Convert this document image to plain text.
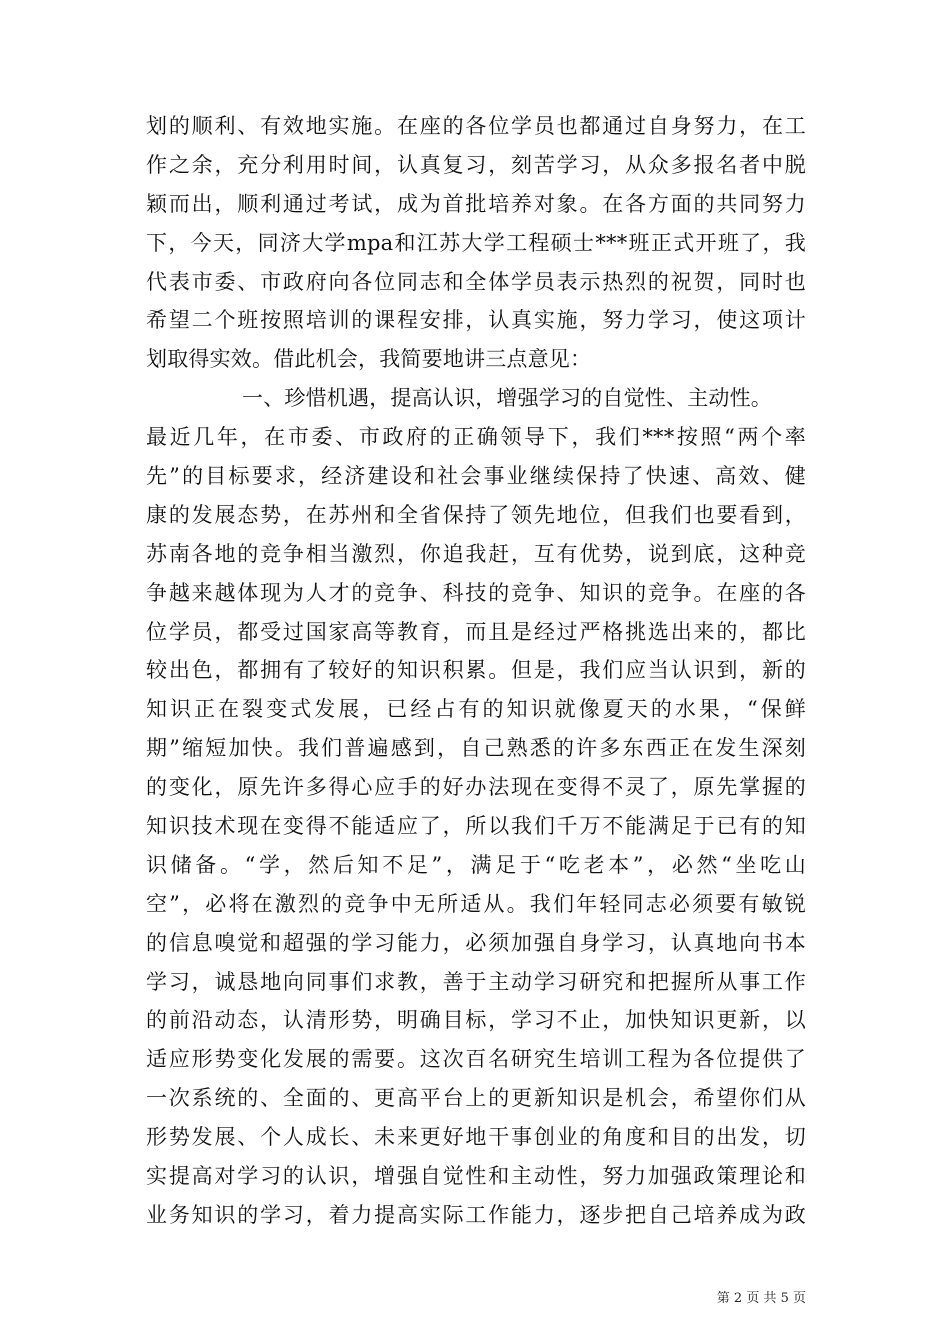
划的顺利、有效地实施。在座的各位学员也都通过自身努力，在工
作之余，充分利用时间，认真复习，刻苦学习，从众多报名者中脱
颖而出，顺利通过考试，成为首批培养对象。在各方面的共同努力
下，今天，同济大学mpa和江苏大学工程硕士***班正式开班了，我
代表市委、市政府向各位同志和全体学员表示热烈的祝贺，同时也
希望二个班按照培训的课程安排，认真实施，努力学习，使这项计
划取得实效。借此机会，我简要地讲三点意见：
一、珍惜机遇，提高认识，增强学习的自觉性、主动性。
最近几年，在市委、市政府的正确领导下，我们***按照“两个率
先”的目标要求，经济建设和社会事业继续保持了快速、高效、健
康的发展态势，在苏州和全省保持了领先地位，但我们也要看到，
苏南各地的竞争相当激烈，你追我赶，互有优势，说到底，这种竞
争越来越体现为人才的竞争、科技的竞争、知识的竞争。在座的各
位学员，都受过国家高等教育，而且是经过严格挑选出来的，都比
较出色，都拥有了较好的知识积累。但是，我们应当认识到，新的
知识正在裂变式发展，已经占有的知识就像夏天的水果，“保鲜
期”缩短加快。我们普遍感到，自己熟悉的许多东西正在发生深刻
的变化，原先许多得心应手的好办法现在变得不灵了，原先掌握的
知识技术现在变得不能适应了，所以我们千万不能满足于已有的知
识储备。“学，然后知不足”，满足于“吃老本”，必然“坐吃山
空”，必将在激烈的竞争中无所适从。我们年轻同志必须要有敏锐
的信息嗅觉和超强的学习能力，必须加强自身学习，认真地向书本
学习，诚恳地向同事们求教，善于主动学习研究和把握所从事工作
的前沿动态，认清形势，明确目标，学习不止，加快知识更新，以
适应形势变化发展的需要。这次百名研究生培训工程为各位提供了
一次系统的、全面的、更高平台上的更新知识是机会，希望你们从
形势发展、个人成长、未来更好地干事创业的角度和目的出发，切
实提高对学习的认识，增强自觉性和主动性，努力加强政策理论和
业务知识的学习，着力提高实际工作能力，逐步把自己培养成为政
第 2 页 共 5 页
